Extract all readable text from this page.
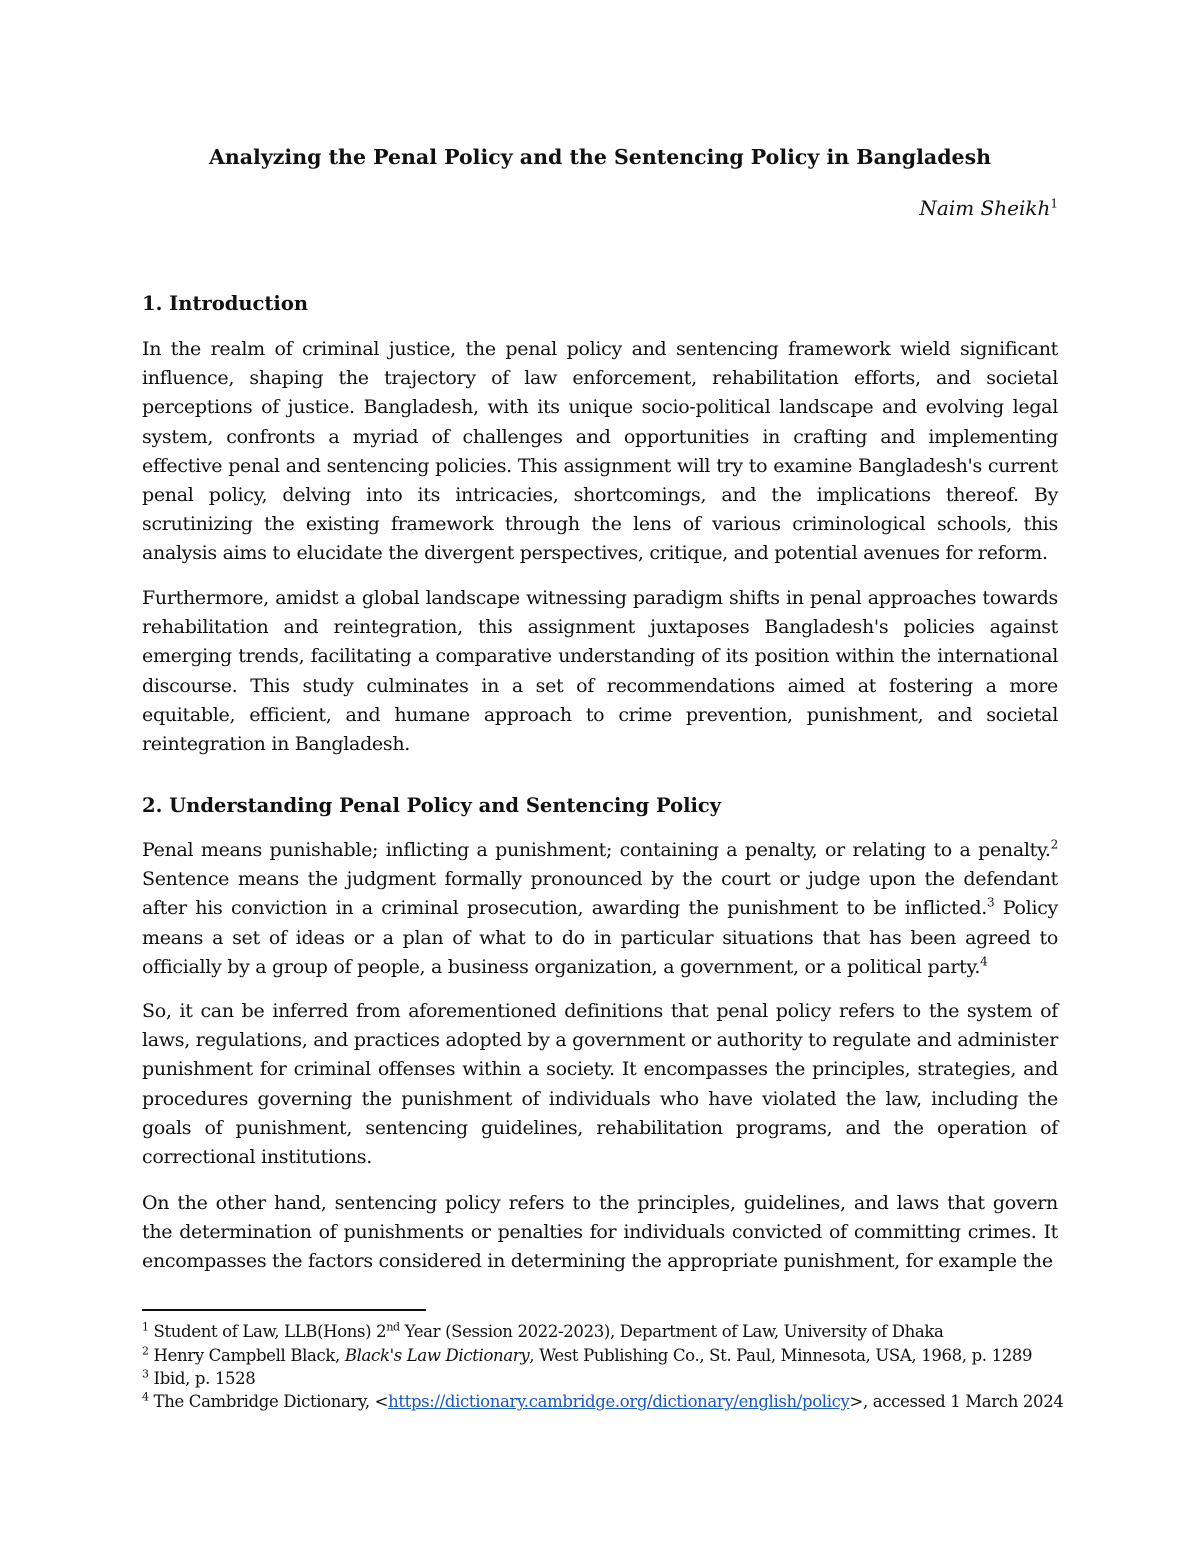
Analyzing the Penal Policy and the Sentencing Policy in Bangladesh
Naim Sheikh$^1$
1. Introduction

In the realm of criminal justice, the penal policy and sentencing framework wield significant influence, shaping the trajectory of law enforcement, rehabilitation efforts, and societal perceptions of justice. Bangladesh, with its unique socio-political landscape and evolving legal system, confronts a myriad of challenges and opportunities in crafting and implementing effective penal and sentencing policies. This assignment will try to examine Bangladesh's current penal policy, delving into its intricacies, shortcomings, and the implications thereof. By scrutinizing the existing framework through the lens of various criminological schools, this analysis aims to elucidate the divergent perspectives, critique, and potential avenues for reform.

Furthermore, amidst a global landscape witnessing paradigm shifts in penal approaches towards rehabilitation and reintegration, this assignment juxtaposes Bangladesh's policies against emerging trends, facilitating a comparative understanding of its position within the international discourse. This study culminates in a set of recommendations aimed at fostering a more equitable, efficient, and humane approach to crime prevention, punishment, and societal reintegration in Bangladesh.

2. Understanding Penal Policy and Sentencing Policy

Penal means punishable; inflicting a punishment; containing a penalty, or relating to a penalty.$^2$ Sentence means the judgment formally pronounced by the court or judge upon the defendant after his conviction in a criminal prosecution, awarding the punishment to be inflicted.$^3$ Policy means a set of ideas or a plan of what to do in particular situations that has been agreed to officially by a group of people, a business organization, a government, or a political party.$^4$

So, it can be inferred from aforementioned definitions that penal policy refers to the system of laws, regulations, and practices adopted by a government or authority to regulate and administer punishment for criminal offenses within a society. It encompasses the principles, strategies, and procedures governing the punishment of individuals who have violated the law, including the goals of punishment, sentencing guidelines, rehabilitation programs, and the operation of correctional institutions.

On the other hand, sentencing policy refers to the principles, guidelines, and laws that govern the determination of punishments or penalties for individuals convicted of committing crimes. It encompasses the factors considered in determining the appropriate punishment, for example the

$^1$ Student of Law, LLB(Hons) 2nd Year (Session 2022-2023), Department of Law, University of Dhaka
$^2$ Henry Campbell Black, Black's Law Dictionary, West Publishing Co., St. Paul, Minnesota, USA, 1968, p. 1289
$^3$ Ibid, p. 1528
$^4$ The Cambridge Dictionary, <https://dictionary.cambridge.org/dictionary/english/policy>, accessed 1 March 2024
